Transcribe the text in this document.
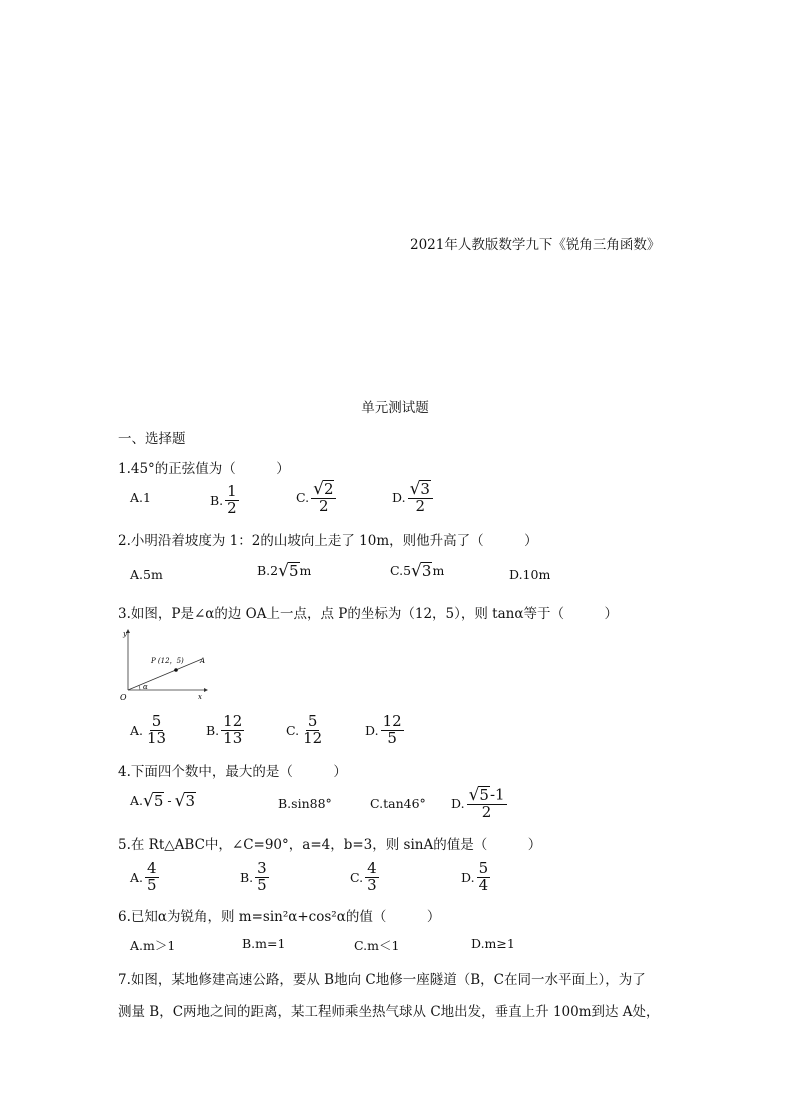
2021年人教版数学九下《锐角三角函数》
单元测试题
一、选择题
1.45°的正弦值为（　　　）
A. 1	B. $\frac{1}{2}$	C. $\frac{√ 2}{2}$	D. $\frac{√ 3}{2}$
2.小明沿着坡度为 1：2的山坡向上走了 10m，则他升高了（　　　）
A.5m	B. 2 √ 5 m	C. 5 √ 3 m	D.10m
3.如图，P是∠α的边 OA上一点，点 P的坐标为（12，5），则 tanα等于（　　　）
y
x
O
P (12，5) A
α
A. $\frac{5}{13}$	B. $\frac{12}{13}$	C. $\frac{5}{12}$	D. $\frac{12}{5}$
4.下面四个数中，最大的是（　　　）
A. √ 5 - √ 3	B.sin88°	C.tan46° D. $\frac{√ 5 -1}{2}$
5.在 Rt△ABC中，∠C=90°，a=4，b=3，则 sinA的值是（　　　）
A. $\frac{4}{5}$	B. $\frac{3}{5}$	C. $\frac{4}{3}$	D. $\frac{5}{4}$
6.已知α为锐角，则 m=sin²α+cos²α的值（　　　）
A.m＞1	B.m=1	C.m＜1	D.m≥1
7.如图，某地修建高速公路，要从 B地向 C地修一座隧道（B，C在同一水平面上），为了
测量 B，C两地之间的距离，某工程师乘坐热气球从 C地出发，垂直上升 100m到达 A处，
